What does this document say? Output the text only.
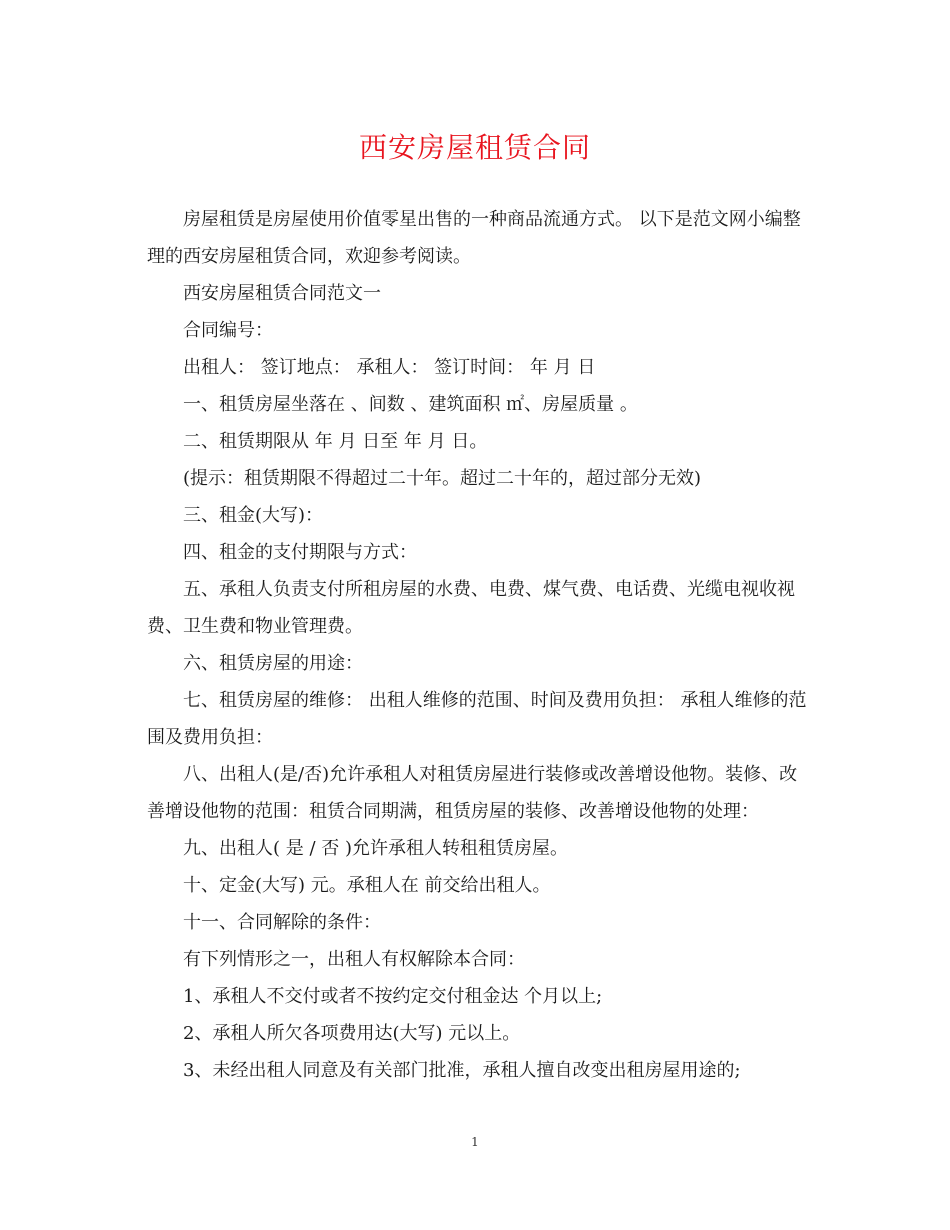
西安房屋租赁合同

房屋租赁是房屋使用价值零星出售的一种商品流通方式。 以下是范文网小编整理的西安房屋租赁合同，欢迎参考阅读。

西安房屋租赁合同范文一

合同编号：

出租人： 签订地点： 承租人： 签订时间： 年 月 日

一、租赁房屋坐落在 、间数 、建筑面积 ㎡、房屋质量 。

二、租赁期限从 年 月 日至 年 月 日。

(提示：租赁期限不得超过二十年。超过二十年的，超过部分无效)

三、租金(大写)：

四、租金的支付期限与方式：

五、承租人负责支付所租房屋的水费、电费、煤气费、电话费、光缆电视收视费、卫生费和物业管理费。

六、租赁房屋的用途：

七、租赁房屋的维修： 出租人维修的范围、时间及费用负担： 承租人维修的范围及费用负担：

八、出租人(是/否)允许承租人对租赁房屋进行装修或改善增设他物。装修、改善增设他物的范围：租赁合同期满，租赁房屋的装修、改善增设他物的处理：

九、出租人( 是 / 否 )允许承租人转租租赁房屋。

十、定金(大写) 元。承租人在 前交给出租人。

十一、合同解除的条件：

有下列情形之一，出租人有权解除本合同：

1、承租人不交付或者不按约定交付租金达 个月以上;

2、承租人所欠各项费用达(大写) 元以上。

3、未经出租人同意及有关部门批准，承租人擅自改变出租房屋用途的;

1
